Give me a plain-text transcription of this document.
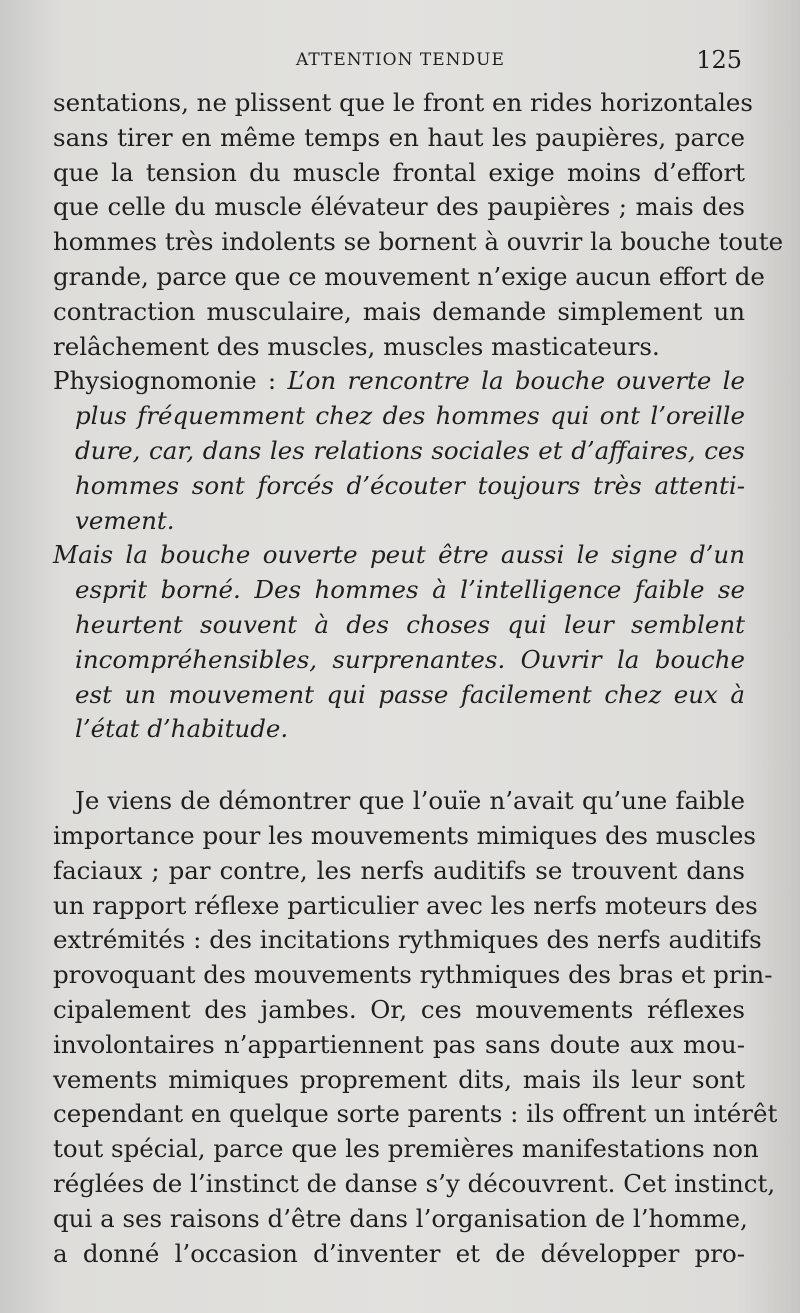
ATTENTION TENDUE	125
sentations, ne plissent que le front en rides horizontales
sans tirer en même temps en haut les paupières, parce
que la tension du muscle frontal exige moins d’effort
que celle du muscle élévateur des paupières ; mais des
hommes très indolents se bornent à ouvrir la bouche toute
grande, parce que ce mouvement n’exige aucun effort de
contraction musculaire, mais demande simplement un
relâchement des muscles, muscles masticateurs.
Physiognomonie : L’on rencontre la bouche ouverte le
plus fréquemment chez des hommes qui ont l’oreille
dure, car, dans les relations sociales et d’affaires, ces
hommes sont forcés d’écouter toujours très attenti-
vement.
Mais la bouche ouverte peut être aussi le signe d’un
esprit borné. Des hommes à l’intelligence faible se
heurtent souvent à des choses qui leur semblent
incompréhensibles, surprenantes. Ouvrir la bouche
est un mouvement qui passe facilement chez eux à
l’état d’habitude.
Je viens de démontrer que l’ouïe n’avait qu’une faible
importance pour les mouvements mimiques des muscles
faciaux ; par contre, les nerfs auditifs se trouvent dans
un rapport réflexe particulier avec les nerfs moteurs des
extrémités : des incitations rythmiques des nerfs auditifs
provoquant des mouvements rythmiques des bras et prin-
cipalement des jambes. Or, ces mouvements réflexes
involontaires n’appartiennent pas sans doute aux mou-
vements mimiques proprement dits, mais ils leur sont
cependant en quelque sorte parents : ils offrent un intérêt
tout spécial, parce que les premières manifestations non
réglées de l’instinct de danse s’y découvrent. Cet instinct,
qui a ses raisons d’être dans l’organisation de l’homme,
a donné l’occasion d’inventer et de développer pro-
